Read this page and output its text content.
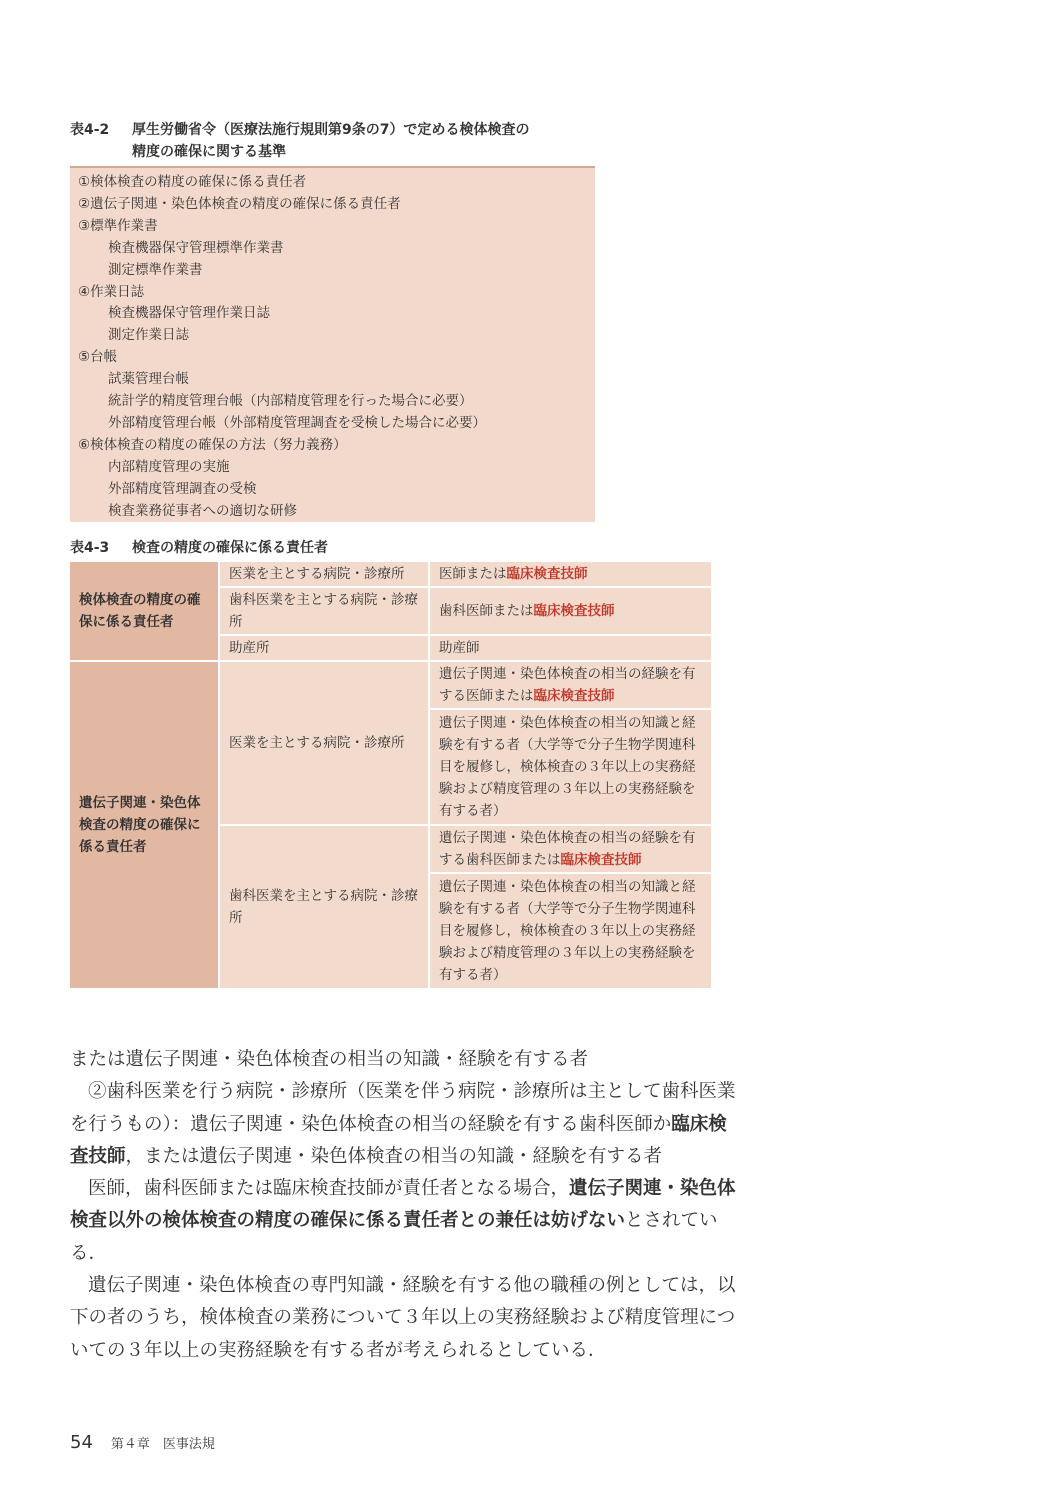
表4-2 厚生労働省令（医療法施行規則第9条の7）で定める検体検査の
精度の確保に関する基準
①検体検査の精度の確保に係る責任者
②遺伝子関連・染色体検査の精度の確保に係る責任者
③標準作業書
検査機器保守管理標準作業書
測定標準作業書
④作業日誌
検査機器保守管理作業日誌
測定作業日誌
⑤台帳
試薬管理台帳
統計学的精度管理台帳（内部精度管理を行った場合に必要）
外部精度管理台帳（外部精度管理調査を受検した場合に必要）
⑥検体検査の精度の確保の方法（努力義務）
内部精度管理の実施
外部精度管理調査の受検
検査業務従事者への適切な研修
表4-3 検査の精度の確保に係る責任者
検体検査の精度の確保に係る責任者	医業を主とする病院・診療所	医師または臨床検査技師
	歯科医業を主とする病院・診療所	歯科医師または臨床検査技師
	助産所	助産師
遺伝子関連・染色体検査の精度の確保に係る責任者	医業を主とする病院・診療所	遺伝子関連・染色体検査の相当の経験を有する医師または臨床検査技師
		遺伝子関連・染色体検査の相当の知識と経験を有する者（大学等で分子生物学関連科目を履修し，検体検査の３年以上の実務経験および精度管理の３年以上の実務経験を有する者）
	歯科医業を主とする病院・診療所	遺伝子関連・染色体検査の相当の経験を有する歯科医師または臨床検査技師
		遺伝子関連・染色体検査の相当の知識と経験を有する者（大学等で分子生物学関連科目を履修し，検体検査の３年以上の実務経験および精度管理の３年以上の実務経験を有する者）

または遺伝子関連・染色体検査の相当の知識・経験を有する者

②歯科医業を行う病院・診療所（医業を伴う病院・診療所は主として歯科医業を行うもの）：遺伝子関連・染色体検査の相当の経験を有する歯科医師か臨床検査技師，または遺伝子関連・染色体検査の相当の知識・経験を有する者

医師，歯科医師または臨床検査技師が責任者となる場合，遺伝子関連・染色体検査以外の検体検査の精度の確保に係る責任者との兼任は妨げないとされている．

遺伝子関連・染色体検査の専門知識・経験を有する他の職種の例としては，以下の者のうち，検体検査の業務について３年以上の実務経験および精度管理についての３年以上の実務経験を有する者が考えられるとしている．

54 第４章　医事法規
